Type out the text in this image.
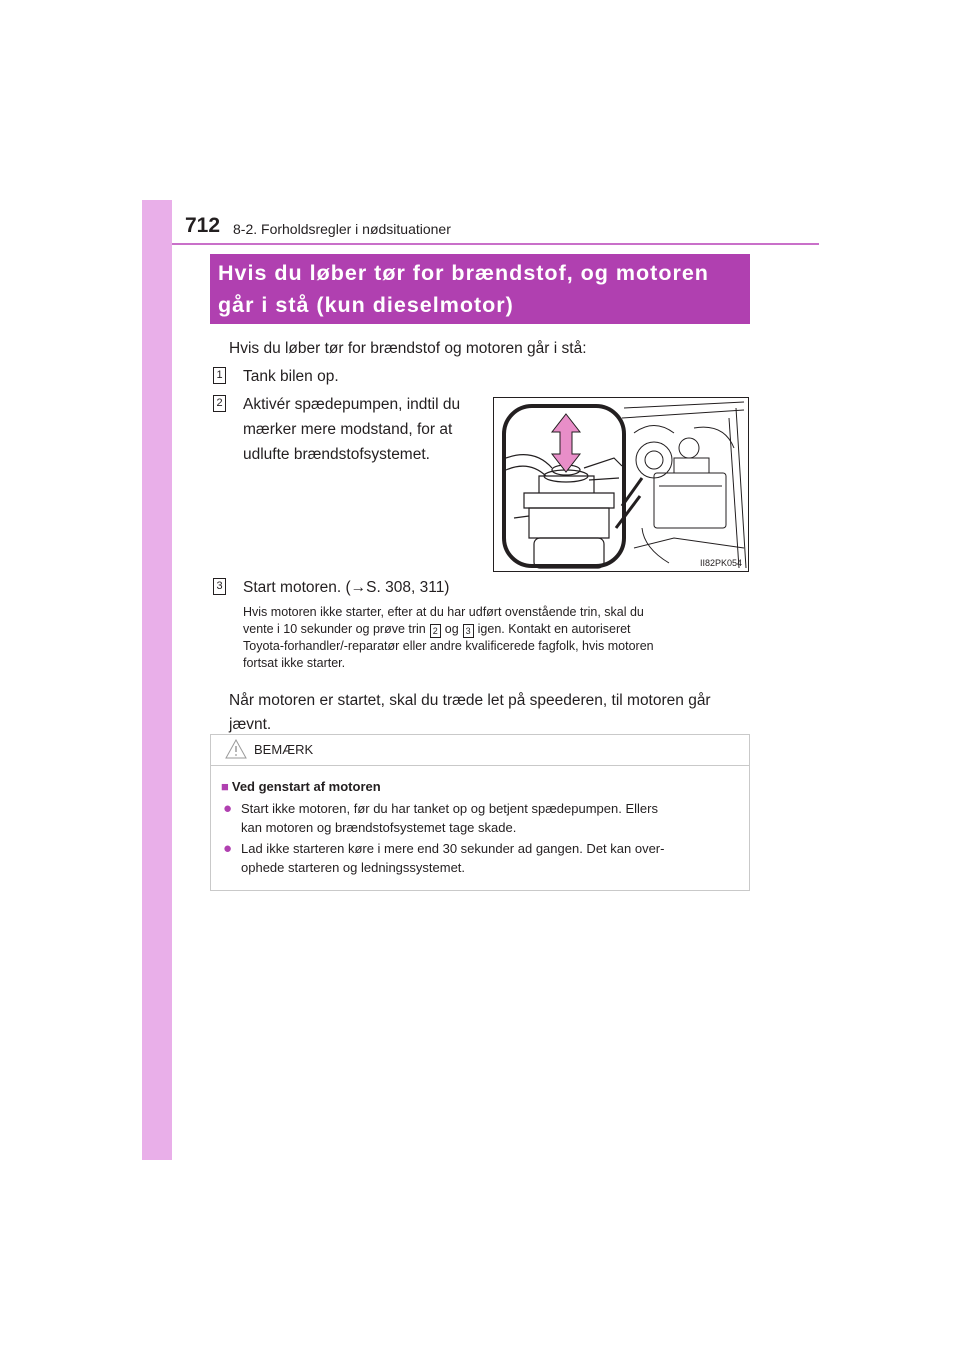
712 8-2. Forholdsregler i nødsituationer
Hvis du løber tør for brændstof, og motoren
går i stå (kun dieselmotor)
Hvis du løber tør for brændstof og motoren går i stå:
1 Tank bilen op.
2 Aktivér spædepumpen, indtil du
mærker mere modstand, for at
udlufte brændstofsystemet.
II82PK054
3 Start motoren. (→S. 308, 311)
Hvis motoren ikke starter, efter at du har udført ovenstående trin, skal du
vente i 10 sekunder og prøve trin 2 og 3 igen. Kontakt en autoriseret
Toyota-forhandler/-reparatør eller andre kvalificerede fagfolk, hvis motoren
fortsat ikke starter.
Når motoren er startet, skal du træde let på speederen, til motoren går
jævnt.
BEMÆRK
■ Ved genstart af motoren
● Start ikke motoren, før du har tanket op og betjent spædepumpen. Ellers
kan motoren og brændstofsystemet tage skade.
● Lad ikke starteren køre i mere end 30 sekunder ad gangen. Det kan over-
ophede starteren og ledningssystemet.
